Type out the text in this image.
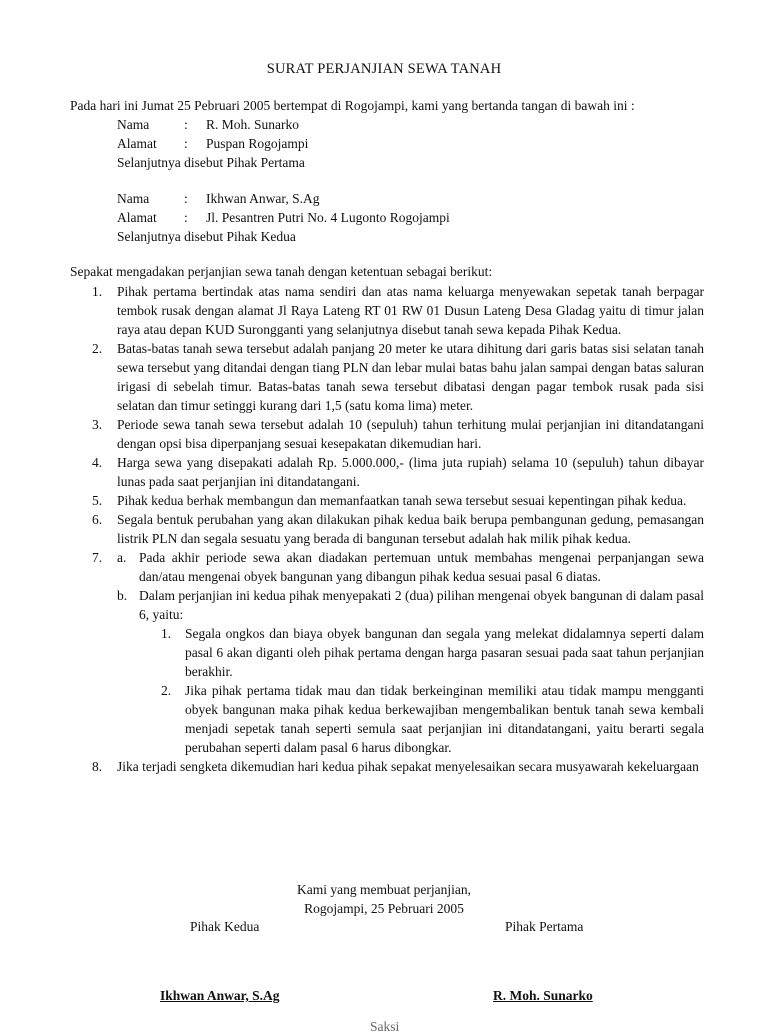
SURAT PERJANJIAN SEWA TANAH
Pada hari ini Jumat 25 Pebruari 2005 bertempat di Rogojampi, kami yang bertanda tangan di bawah ini :
Nama	:	R. Moh. Sunarko
Alamat	:	Puspan Rogojampi
Selanjutnya disebut Pihak Pertama
Nama	:	Ikhwan Anwar, S.Ag
Alamat	:	Jl. Pesantren Putri No. 4 Lugonto Rogojampi
Selanjutnya disebut Pihak Kedua
Sepakat mengadakan perjanjian sewa tanah dengan ketentuan sebagai berikut:
1. Pihak pertama bertindak atas nama sendiri dan atas nama keluarga menyewakan sepetak tanah berpagar tembok rusak dengan alamat Jl Raya Lateng RT 01 RW 01 Dusun Lateng Desa Gladag yaitu di timur jalan raya atau depan KUD Surongganti yang selanjutnya disebut tanah sewa kepada Pihak Kedua.
2. Batas-batas tanah sewa tersebut adalah panjang 20 meter ke utara dihitung dari garis batas sisi selatan tanah sewa tersebut yang ditandai dengan tiang PLN dan lebar mulai batas bahu jalan sampai dengan batas saluran irigasi di sebelah timur. Batas-batas tanah sewa tersebut dibatasi dengan pagar tembok rusak pada sisi selatan dan timur setinggi kurang dari 1,5 (satu koma lima) meter.
3. Periode sewa tanah sewa tersebut adalah 10 (sepuluh) tahun terhitung mulai perjanjian ini ditandatangani dengan opsi bisa diperpanjang sesuai kesepakatan dikemudian hari.
4. Harga sewa yang disepakati adalah Rp. 5.000.000,- (lima juta rupiah) selama 10 (sepuluh) tahun dibayar lunas pada saat perjanjian ini ditandatangani.
5. Pihak kedua berhak membangun dan memanfaatkan tanah sewa tersebut sesuai kepentingan pihak kedua.
6. Segala bentuk perubahan yang akan dilakukan pihak kedua baik berupa pembangunan gedung, pemasangan listrik PLN dan segala sesuatu yang berada di bangunan tersebut adalah hak milik pihak kedua.
7. a. Pada akhir periode sewa akan diadakan pertemuan untuk membahas mengenai perpanjangan sewa dan/atau mengenai obyek bangunan yang dibangun pihak kedua sesuai pasal 6 diatas.
b. Dalam perjanjian ini kedua pihak menyepakati 2 (dua) pilihan mengenai obyek bangunan di dalam pasal 6, yaitu:
1. Segala ongkos dan biaya obyek bangunan dan segala yang melekat didalamnya seperti dalam pasal 6 akan diganti oleh pihak pertama dengan harga pasaran sesuai pada saat tahun perjanjian berakhir.
2. Jika pihak pertama tidak mau dan tidak berkeinginan memiliki atau tidak mampu mengganti obyek bangunan maka pihak kedua berkewajiban mengembalikan bentuk tanah sewa kembali menjadi sepetak tanah seperti semula saat perjanjian ini ditandatangani, yaitu berarti segala perubahan seperti dalam pasal 6 harus dibongkar.
8. Jika terjadi sengketa dikemudian hari kedua pihak sepakat menyelesaikan secara musyawarah kekeluargaan
Kami yang membuat perjanjian,
Rogojampi, 25 Pebruari 2005
Pihak Kedua	Pihak Pertama
Ikhwan Anwar, S.Ag	R. Moh. Sunarko
Saksi
